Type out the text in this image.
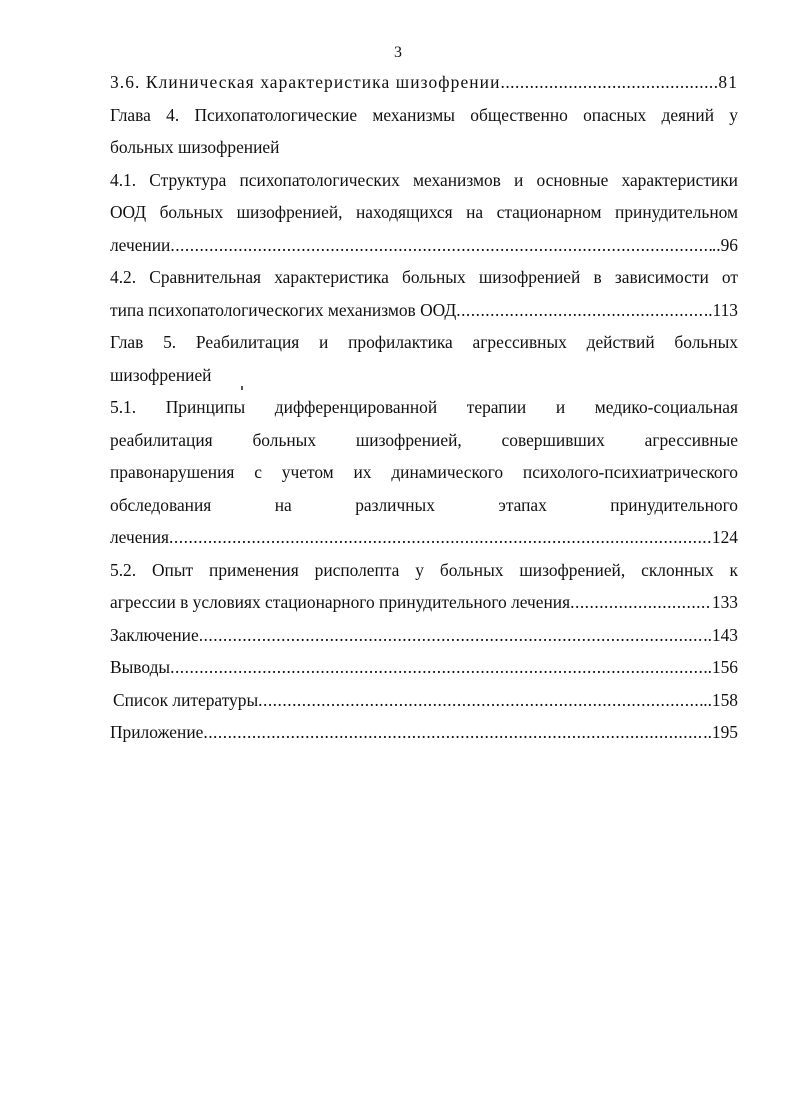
3
3.6. Клиническая характеристика шизофрении .....	81
Глава 4. Психопатологические механизмы общественно опасных деяний у
больных шизофренией
4.1. Структура психопатологических механизмов и основные характеристики
ООД больных шизофренией, находящихся на стационарном принудительном
лечении .....	..96
4.2. Сравнительная характеристика больных шизофренией в зависимости от
типа психопатологическогих механизмов ООД .....	..113
Глав 5. Реабилитация и профилактика агрессивных действий больных
шизофренией
5.1. Принципы дифференцированной терапии и медико-социальная
реабилитация больных шизофренией, совершивших агрессивные
правонарушения с учетом их динамического психолого-психиатрического
обследования на различных этапах принудительного
лечения .....	124
5.2. Опыт применения рисполепта у больных шизофренией, склонных к
агрессии в условиях стационарного принудительного лечения .....	133
Заключение .....	..143
Выводы .....	.156
Список литературы .....	..158
Приложение .....	..195
